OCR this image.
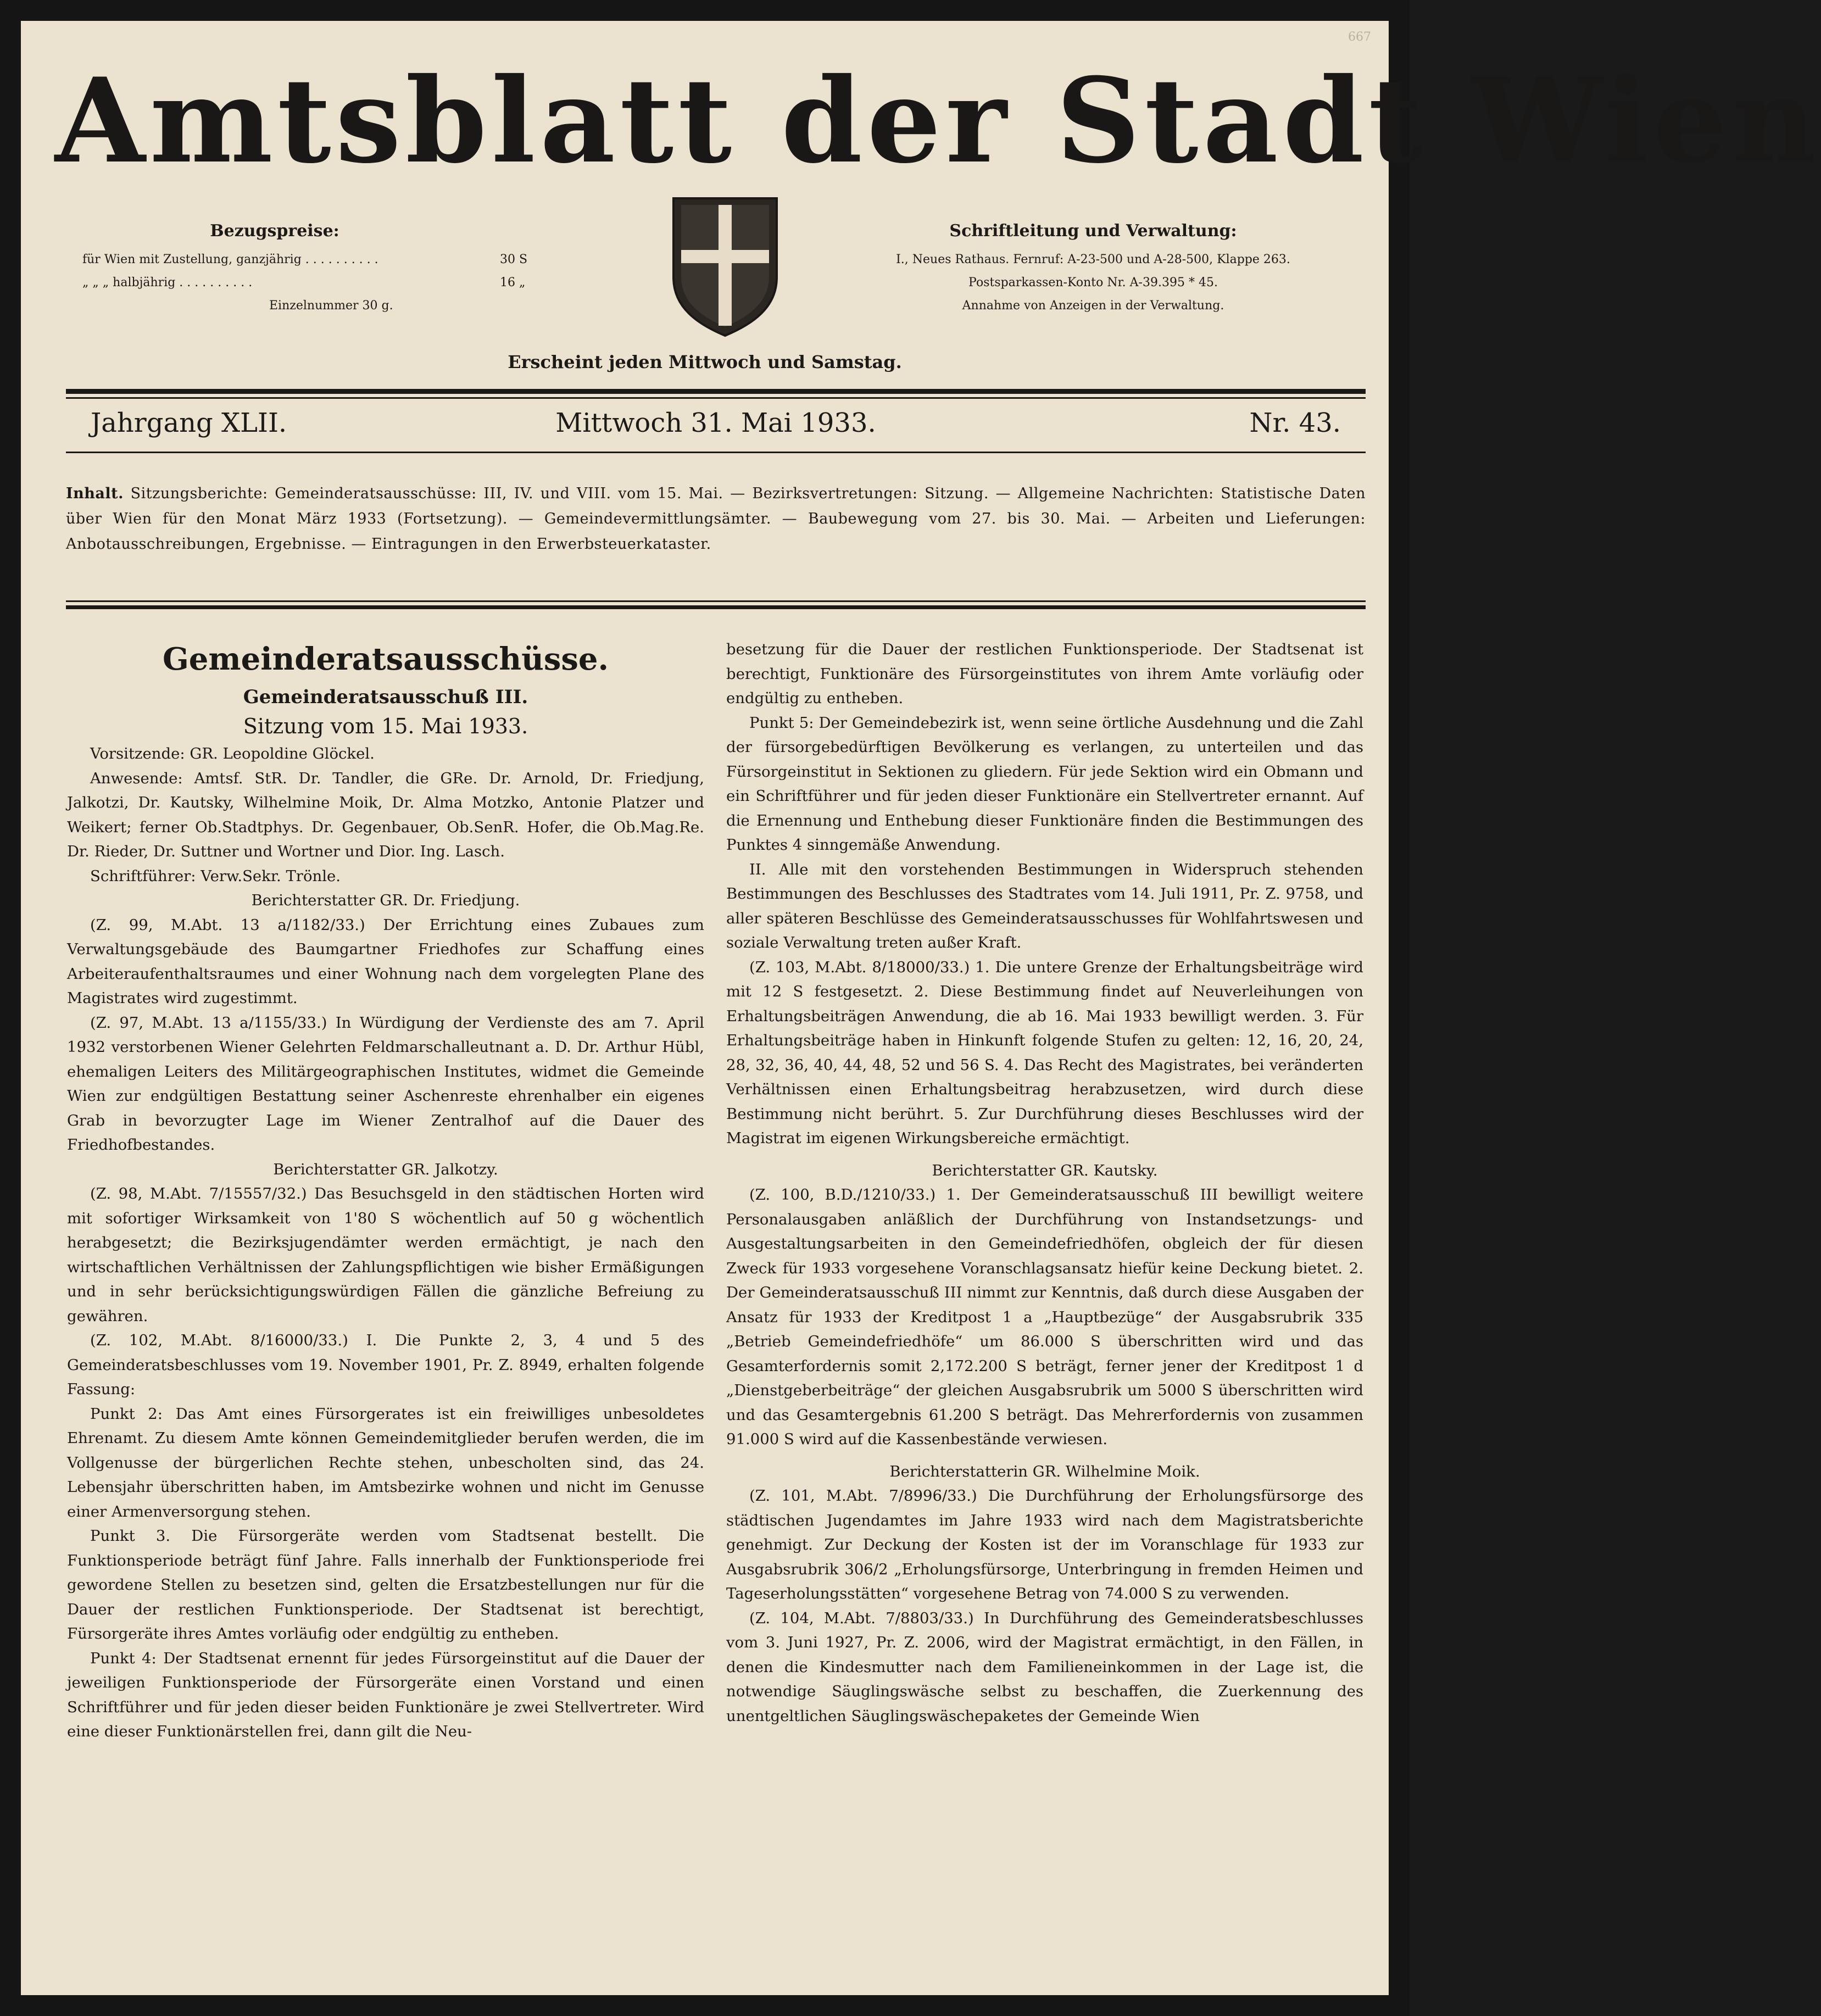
667
Amtsblatt der Stadt Wien
Bezugspreise:
für Wien mit Zustellung, ganzjährig . . . . . . . . . .	30 S
„ „ „ halbjährig . . . . . . . . . .	16 „
Einzelnummer 30 g.
Schriftleitung und Verwaltung:
I., Neues Rathaus. Fernruf: A-23-500 und A-28-500, Klappe 263.
Postsparkassen-Konto Nr. A-39.395 * 45.
Annahme von Anzeigen in der Verwaltung.
Erscheint jeden Mittwoch und Samstag.
Jahrgang XLII.	Mittwoch 31. Mai 1933.	Nr. 43.
Inhalt. Sitzungsberichte: Gemeinderatsausschüsse: III, IV. und VIII. vom 15. Mai. — Bezirksvertretungen: Sitzung. — Allgemeine Nachrichten: Statistische Daten über Wien für den Monat März 1933 (Fortsetzung). — Gemeindevermittlungsämter. — Baubewegung vom 27. bis 30. Mai. — Arbeiten und Lieferungen: Anbotausschreibungen, Ergebnisse. — Eintragungen in den Erwerbsteuerkataster.
Gemeinderatsausschüsse.
Gemeinderatsausschuß III.
Sitzung vom 15. Mai 1933.

Vorsitzende: GR. Leopoldine Glöckel.

Anwesende: Amtsf. StR. Dr. Tandler, die GRe. Dr. Arnold, Dr. Friedjung, Jalkotzi, Dr. Kautsky, Wilhelmine Moik, Dr. Alma Motzko, Antonie Platzer und Weikert; ferner Ob.Stadtphys. Dr. Gegenbauer, Ob.SenR. Hofer, die Ob.Mag.Re. Dr. Rieder, Dr. Suttner und Wortner und Dior. Ing. Lasch.

Schriftführer: Verw.Sekr. Trönle.

Berichterstatter GR. Dr. Friedjung.

(Z. 99, M.Abt. 13 a/1182/33.) Der Errichtung eines Zubaues zum Verwaltungsgebäude des Baumgartner Friedhofes zur Schaffung eines Arbeiteraufenthaltsraumes und einer Wohnung nach dem vorgelegten Plane des Magistrates wird zugestimmt.

(Z. 97, M.Abt. 13 a/1155/33.) In Würdigung der Verdienste des am 7. April 1932 verstorbenen Wiener Gelehrten Feldmarschalleutnant a. D. Dr. Arthur Hübl, ehemaligen Leiters des Militärgeographischen Institutes, widmet die Gemeinde Wien zur endgültigen Bestattung seiner Aschenreste ehrenhalber ein eigenes Grab in bevorzugter Lage im Wiener Zentralhof auf die Dauer des Friedhofbestandes.

Berichterstatter GR. Jalkotzy.

(Z. 98, M.Abt. 7/15557/32.) Das Besuchsgeld in den städtischen Horten wird mit sofortiger Wirksamkeit von 1'80 S wöchentlich auf 50 g wöchentlich herabgesetzt; die Bezirksjugendämter werden ermächtigt, je nach den wirtschaftlichen Verhältnissen der Zahlungspflichtigen wie bisher Ermäßigungen und in sehr berücksichtigungswürdigen Fällen die gänzliche Befreiung zu gewähren.

(Z. 102, M.Abt. 8/16000/33.) I. Die Punkte 2, 3, 4 und 5 des Gemeinderatsbeschlusses vom 19. November 1901, Pr. Z. 8949, erhalten folgende Fassung:

Punkt 2: Das Amt eines Fürsorgerates ist ein freiwilliges unbesoldetes Ehrenamt. Zu diesem Amte können Gemeindemitglieder berufen werden, die im Vollgenusse der bürgerlichen Rechte stehen, unbescholten sind, das 24. Lebensjahr überschritten haben, im Amtsbezirke wohnen und nicht im Genusse einer Armenversorgung stehen.

Punkt 3. Die Fürsorgeräte werden vom Stadtsenat bestellt. Die Funktionsperiode beträgt fünf Jahre. Falls innerhalb der Funktionsperiode frei gewordene Stellen zu besetzen sind, gelten die Ersatzbestellungen nur für die Dauer der restlichen Funktionsperiode. Der Stadtsenat ist berechtigt, Fürsorgeräte ihres Amtes vorläufig oder endgültig zu entheben.

Punkt 4: Der Stadtsenat ernennt für jedes Fürsorgeinstitut auf die Dauer der jeweiligen Funktionsperiode der Fürsorgeräte einen Vorstand und einen Schriftführer und für jeden dieser beiden Funktionäre je zwei Stellvertreter. Wird eine dieser Funktionärstellen frei, dann gilt die Neu-

besetzung für die Dauer der restlichen Funktionsperiode. Der Stadtsenat ist berechtigt, Funktionäre des Fürsorgeinstitutes von ihrem Amte vorläufig oder endgültig zu entheben.

Punkt 5: Der Gemeindebezirk ist, wenn seine örtliche Ausdehnung und die Zahl der fürsorgebedürftigen Bevölkerung es verlangen, zu unterteilen und das Fürsorgeinstitut in Sektionen zu gliedern. Für jede Sektion wird ein Obmann und ein Schriftführer und für jeden dieser Funktionäre ein Stellvertreter ernannt. Auf die Ernennung und Enthebung dieser Funktionäre finden die Bestimmungen des Punktes 4 sinngemäße Anwendung.

II. Alle mit den vorstehenden Bestimmungen in Widerspruch stehenden Bestimmungen des Beschlusses des Stadtrates vom 14. Juli 1911, Pr. Z. 9758, und aller späteren Beschlüsse des Gemeinderatsausschusses für Wohlfahrtswesen und soziale Verwaltung treten außer Kraft.

(Z. 103, M.Abt. 8/18000/33.) 1. Die untere Grenze der Erhaltungsbeiträge wird mit 12 S festgesetzt. 2. Diese Bestimmung findet auf Neuverleihungen von Erhaltungsbeiträgen Anwendung, die ab 16. Mai 1933 bewilligt werden. 3. Für Erhaltungsbeiträge haben in Hinkunft folgende Stufen zu gelten: 12, 16, 20, 24, 28, 32, 36, 40, 44, 48, 52 und 56 S. 4. Das Recht des Magistrates, bei veränderten Verhältnissen einen Erhaltungsbeitrag herabzusetzen, wird durch diese Bestimmung nicht berührt. 5. Zur Durchführung dieses Beschlusses wird der Magistrat im eigenen Wirkungsbereiche ermächtigt.

Berichterstatter GR. Kautsky.

(Z. 100, B.D./1210/33.) 1. Der Gemeinderatsausschuß III bewilligt weitere Personalausgaben anläßlich der Durchführung von Instandsetzungs- und Ausgestaltungsarbeiten in den Gemeindefriedhöfen, obgleich der für diesen Zweck für 1933 vorgesehene Voranschlagsansatz hiefür keine Deckung bietet. 2. Der Gemeinderatsausschuß III nimmt zur Kenntnis, daß durch diese Ausgaben der Ansatz für 1933 der Kreditpost 1 a „Hauptbezüge“ der Ausgabsrubrik 335 „Betrieb Gemeindefriedhöfe“ um 86.000 S überschritten wird und das Gesamterfordernis somit 2,172.200 S beträgt, ferner jener der Kreditpost 1 d „Dienstgeberbeiträge“ der gleichen Ausgabsrubrik um 5000 S überschritten wird und das Gesamtergebnis 61.200 S beträgt. Das Mehrerfordernis von zusammen 91.000 S wird auf die Kassenbestände verwiesen.

Berichterstatterin GR. Wilhelmine Moik.

(Z. 101, M.Abt. 7/8996/33.) Die Durchführung der Erholungsfürsorge des städtischen Jugendamtes im Jahre 1933 wird nach dem Magistratsberichte genehmigt. Zur Deckung der Kosten ist der im Voranschlage für 1933 zur Ausgabsrubrik 306/2 „Erholungsfürsorge, Unterbringung in fremden Heimen und Tageserholungsstätten“ vorgesehene Betrag von 74.000 S zu verwenden.

(Z. 104, M.Abt. 7/8803/33.) In Durchführung des Gemeinderatsbeschlusses vom 3. Juni 1927, Pr. Z. 2006, wird der Magistrat ermächtigt, in den Fällen, in denen die Kindesmutter nach dem Familieneinkommen in der Lage ist, die notwendige Säuglingswäsche selbst zu beschaffen, die Zuerkennung des unentgeltlichen Säuglingswäschepaketes der Gemeinde Wien
